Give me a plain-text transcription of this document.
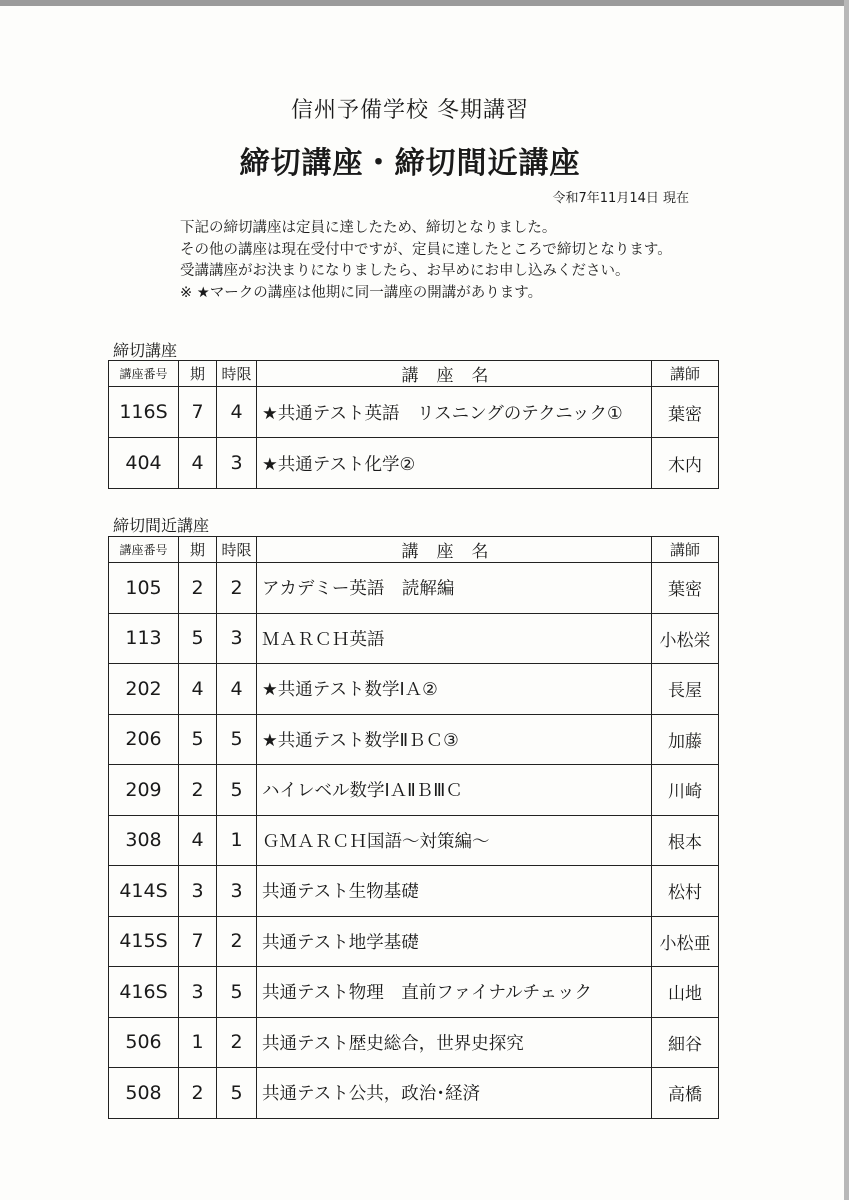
信州予備学校 冬期講習
締切講座・締切間近講座
令和7年11月14日 現在
下記の締切講座は定員に達したため、締切となりました。
その他の講座は現在受付中ですが、定員に達したところで締切となります。
受講講座がお決まりになりましたら、お早めにお申し込みください。
※ ★マークの講座は他期に同一講座の開講があります。
締切講座
講座番号	期	時限	講座名	講師
116S	7	4	★共通テスト英語　リスニングのテクニック①	葉密
404	4	3	★共通テスト化学②	木内
締切間近講座
講座番号	期	時限	講座名	講師
105	2	2	アカデミー英語　読解編	葉密
113	5	3	ＭＡＲＣＨ英語	小松栄
202	4	4	★共通テスト数学ⅠＡ②	長屋
206	5	5	★共通テスト数学ⅡＢＣ③	加藤
209	2	5	ハイレベル数学ⅠＡⅡＢⅢＣ	川崎
308	4	1	ＧＭＡＲＣＨ国語～対策編～	根本
414S	3	3	共通テスト生物基礎	松村
415S	7	2	共通テスト地学基礎	小松亜
416S	3	5	共通テスト物理　直前ファイナルチェック	山地
506	1	2	共通テスト歴史総合，世界史探究	細谷
508	2	5	共通テスト公共，政治･経済	高橋
